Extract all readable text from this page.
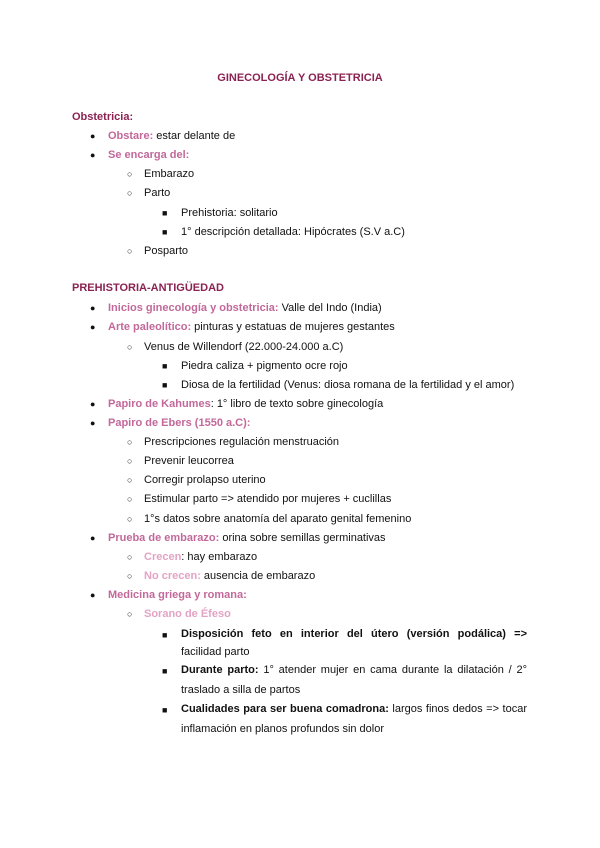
GINECOLOGÍA Y OBSTETRICIA
Obstetricia:
● Obstare: estar delante de
● Se encarga del:
○ Embarazo
○ Parto
■ Prehistoria: solitario
■ 1° descripción detallada: Hipócrates (S.V a.C)
○ Posparto
PREHISTORIA-ANTIGÜEDAD
● Inicios ginecología y obstetricia: Valle del Indo (India)
● Arte paleolítico: pinturas y estatuas de mujeres gestantes
○ Venus de Willendorf (22.000-24.000 a.C)
■ Piedra caliza + pigmento ocre rojo
■ Diosa de la fertilidad (Venus: diosa romana de la fertilidad y el amor)
● Papiro de Kahumes: 1° libro de texto sobre ginecología
● Papiro de Ebers (1550 a.C):
○ Prescripciones regulación menstruación
○ Prevenir leucorrea
○ Corregir prolapso uterino
○ Estimular parto => atendido por mujeres + cuclillas
○ 1°s datos sobre anatomía del aparato genital femenino
● Prueba de embarazo: orina sobre semillas germinativas
○ Crecen: hay embarazo
○ No crecen: ausencia de embarazo
● Medicina griega y romana:
○ Sorano de Éfeso
■ Disposición feto en interior del útero (versión podálica) =>
facilidad parto
■ Durante parto: 1° atender mujer en cama durante la dilatación / 2°
traslado a silla de partos
■ Cualidades para ser buena comadrona: largos finos dedos => tocar
inflamación en planos profundos sin dolor
